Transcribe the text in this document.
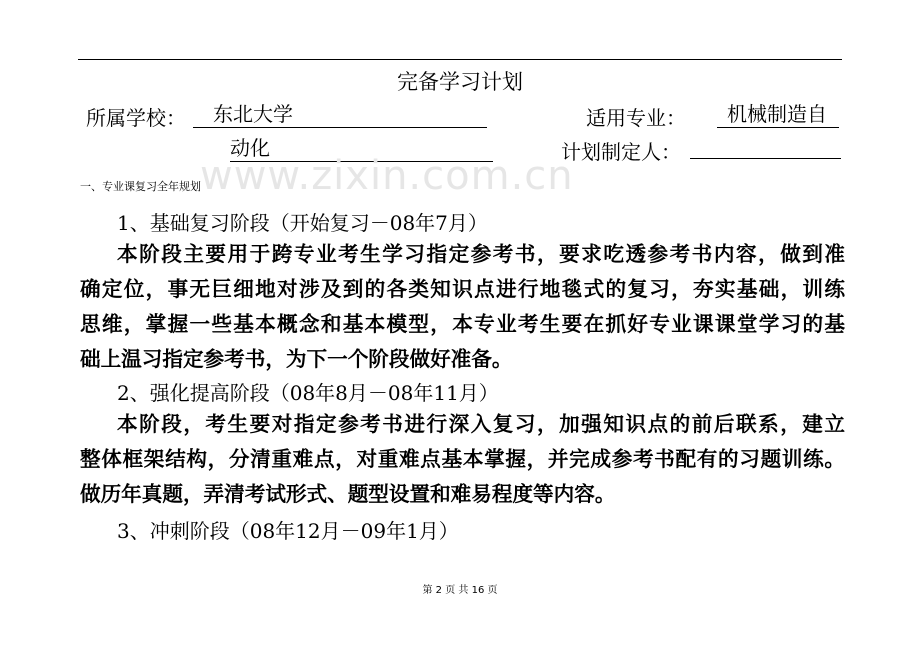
完备学习计划
所属学校：	东北大学	适用专业：	机械制造自
动化	计划制定人：
www.zixin.com.cn
一、专业课复习全年规划
1、基础复习阶段（开始复习－08年7月）
本阶段主要用于跨专业考生学习指定参考书，要求吃透参考书内容，做到准
确定位，事无巨细地对涉及到的各类知识点进行地毯式的复习，夯实基础，训练
思维，掌握一些基本概念和基本模型，本专业考生要在抓好专业课课堂学习的基
础上温习指定参考书，为下一个阶段做好准备。
2、强化提高阶段（08年8月－08年11月）
本阶段，考生要对指定参考书进行深入复习，加强知识点的前后联系，建立
整体框架结构，分清重难点，对重难点基本掌握，并完成参考书配有的习题训练。
做历年真题，弄清考试形式、题型设置和难易程度等内容。
3、冲刺阶段（08年12月－09年1月）
第 2 页 共 16 页
